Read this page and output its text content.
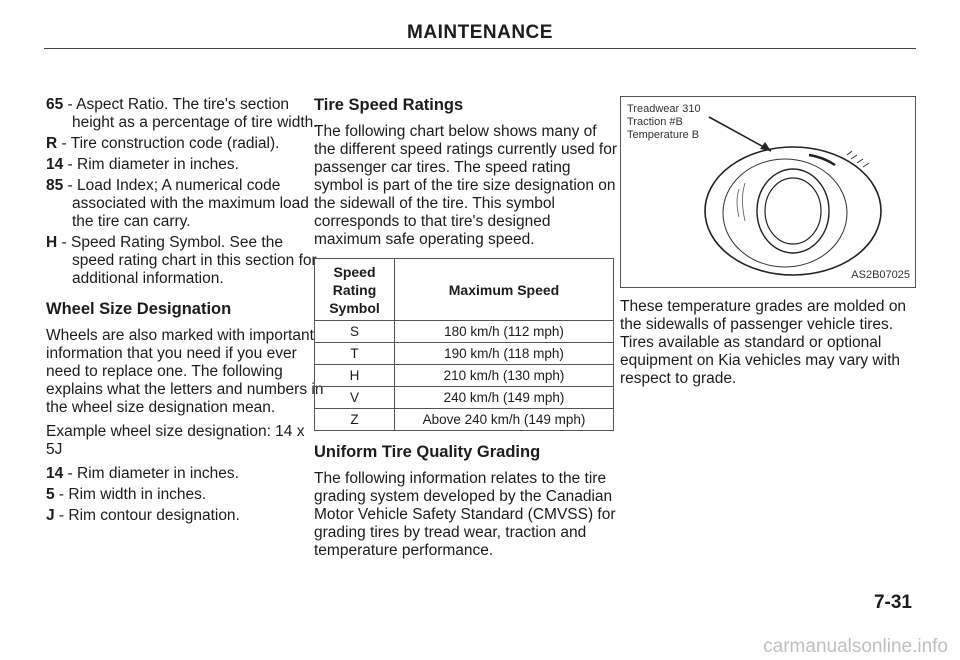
MAINTENANCE
65 - Aspect Ratio. The tire's section height as a percentage of tire width.
R - Tire construction code (radial).
14 - Rim diameter in inches.
85 - Load Index; A numerical code associated with the maximum load the tire can carry.
H - Speed Rating Symbol. See the speed rating chart in this section for additional information.
Wheel Size Designation
Wheels are also marked with important information that you need if you ever need to replace one. The following explains what the letters and numbers in the wheel size designation mean.
Example wheel size designation: 14 x 5J
14 - Rim diameter in inches.
5 - Rim width in inches.
J - Rim contour designation.
Tire Speed Ratings
The following chart below shows many of the different speed ratings currently used for passenger car tires. The speed rating symbol is part of the tire size designation on the sidewall of the tire. This symbol corresponds to that tire's designed maximum safe operating speed.
Speed
Rating
Symbol	Maximum Speed
S	180 km/h (112 mph)
T	190 km/h (118 mph)
H	210 km/h (130 mph)
V	240 km/h (149 mph)
Z	Above 240 km/h (149 mph)
Uniform Tire Quality Grading
The following information relates to the tire grading system developed by the Canadian Motor Vehicle Safety Standard (CMVSS) for grading tires by tread wear, traction and temperature performance.
Treadwear 310
Traction #B
Temperature B
AS2B07025
These temperature grades are molded on the sidewalls of passenger vehicle tires. Tires available as standard or optional equipment on Kia vehicles may vary with respect to grade.
7-31
carmanualsonline.info
